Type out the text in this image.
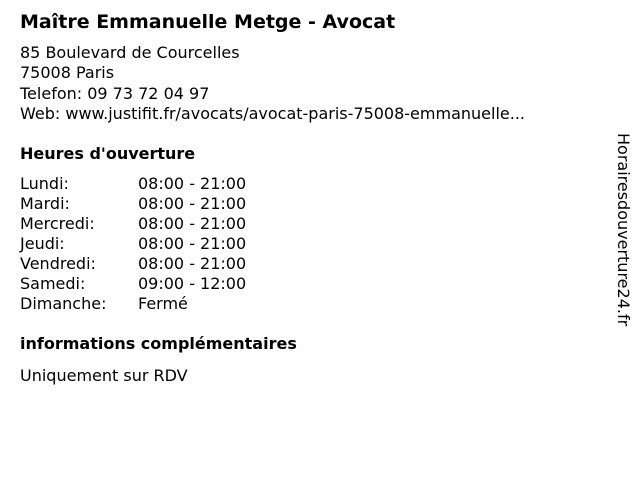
Maître Emmanuelle Metge - Avocat
85 Boulevard de Courcelles
75008 Paris
Telefon: 09 73 72 04 97
Web: www.justifit.fr/avocats/avocat-paris-75008-emmanuelle...
Heures d'ouverture
Lundi:	08:00 - 21:00
Mardi:	08:00 - 21:00
Mercredi:	08:00 - 21:00
Jeudi:	08:00 - 21:00
Vendredi:	08:00 - 21:00
Samedi:	09:00 - 12:00
Dimanche: Fermé
informations complémentaires
Uniquement sur RDV
Horairesdouverture24.fr
